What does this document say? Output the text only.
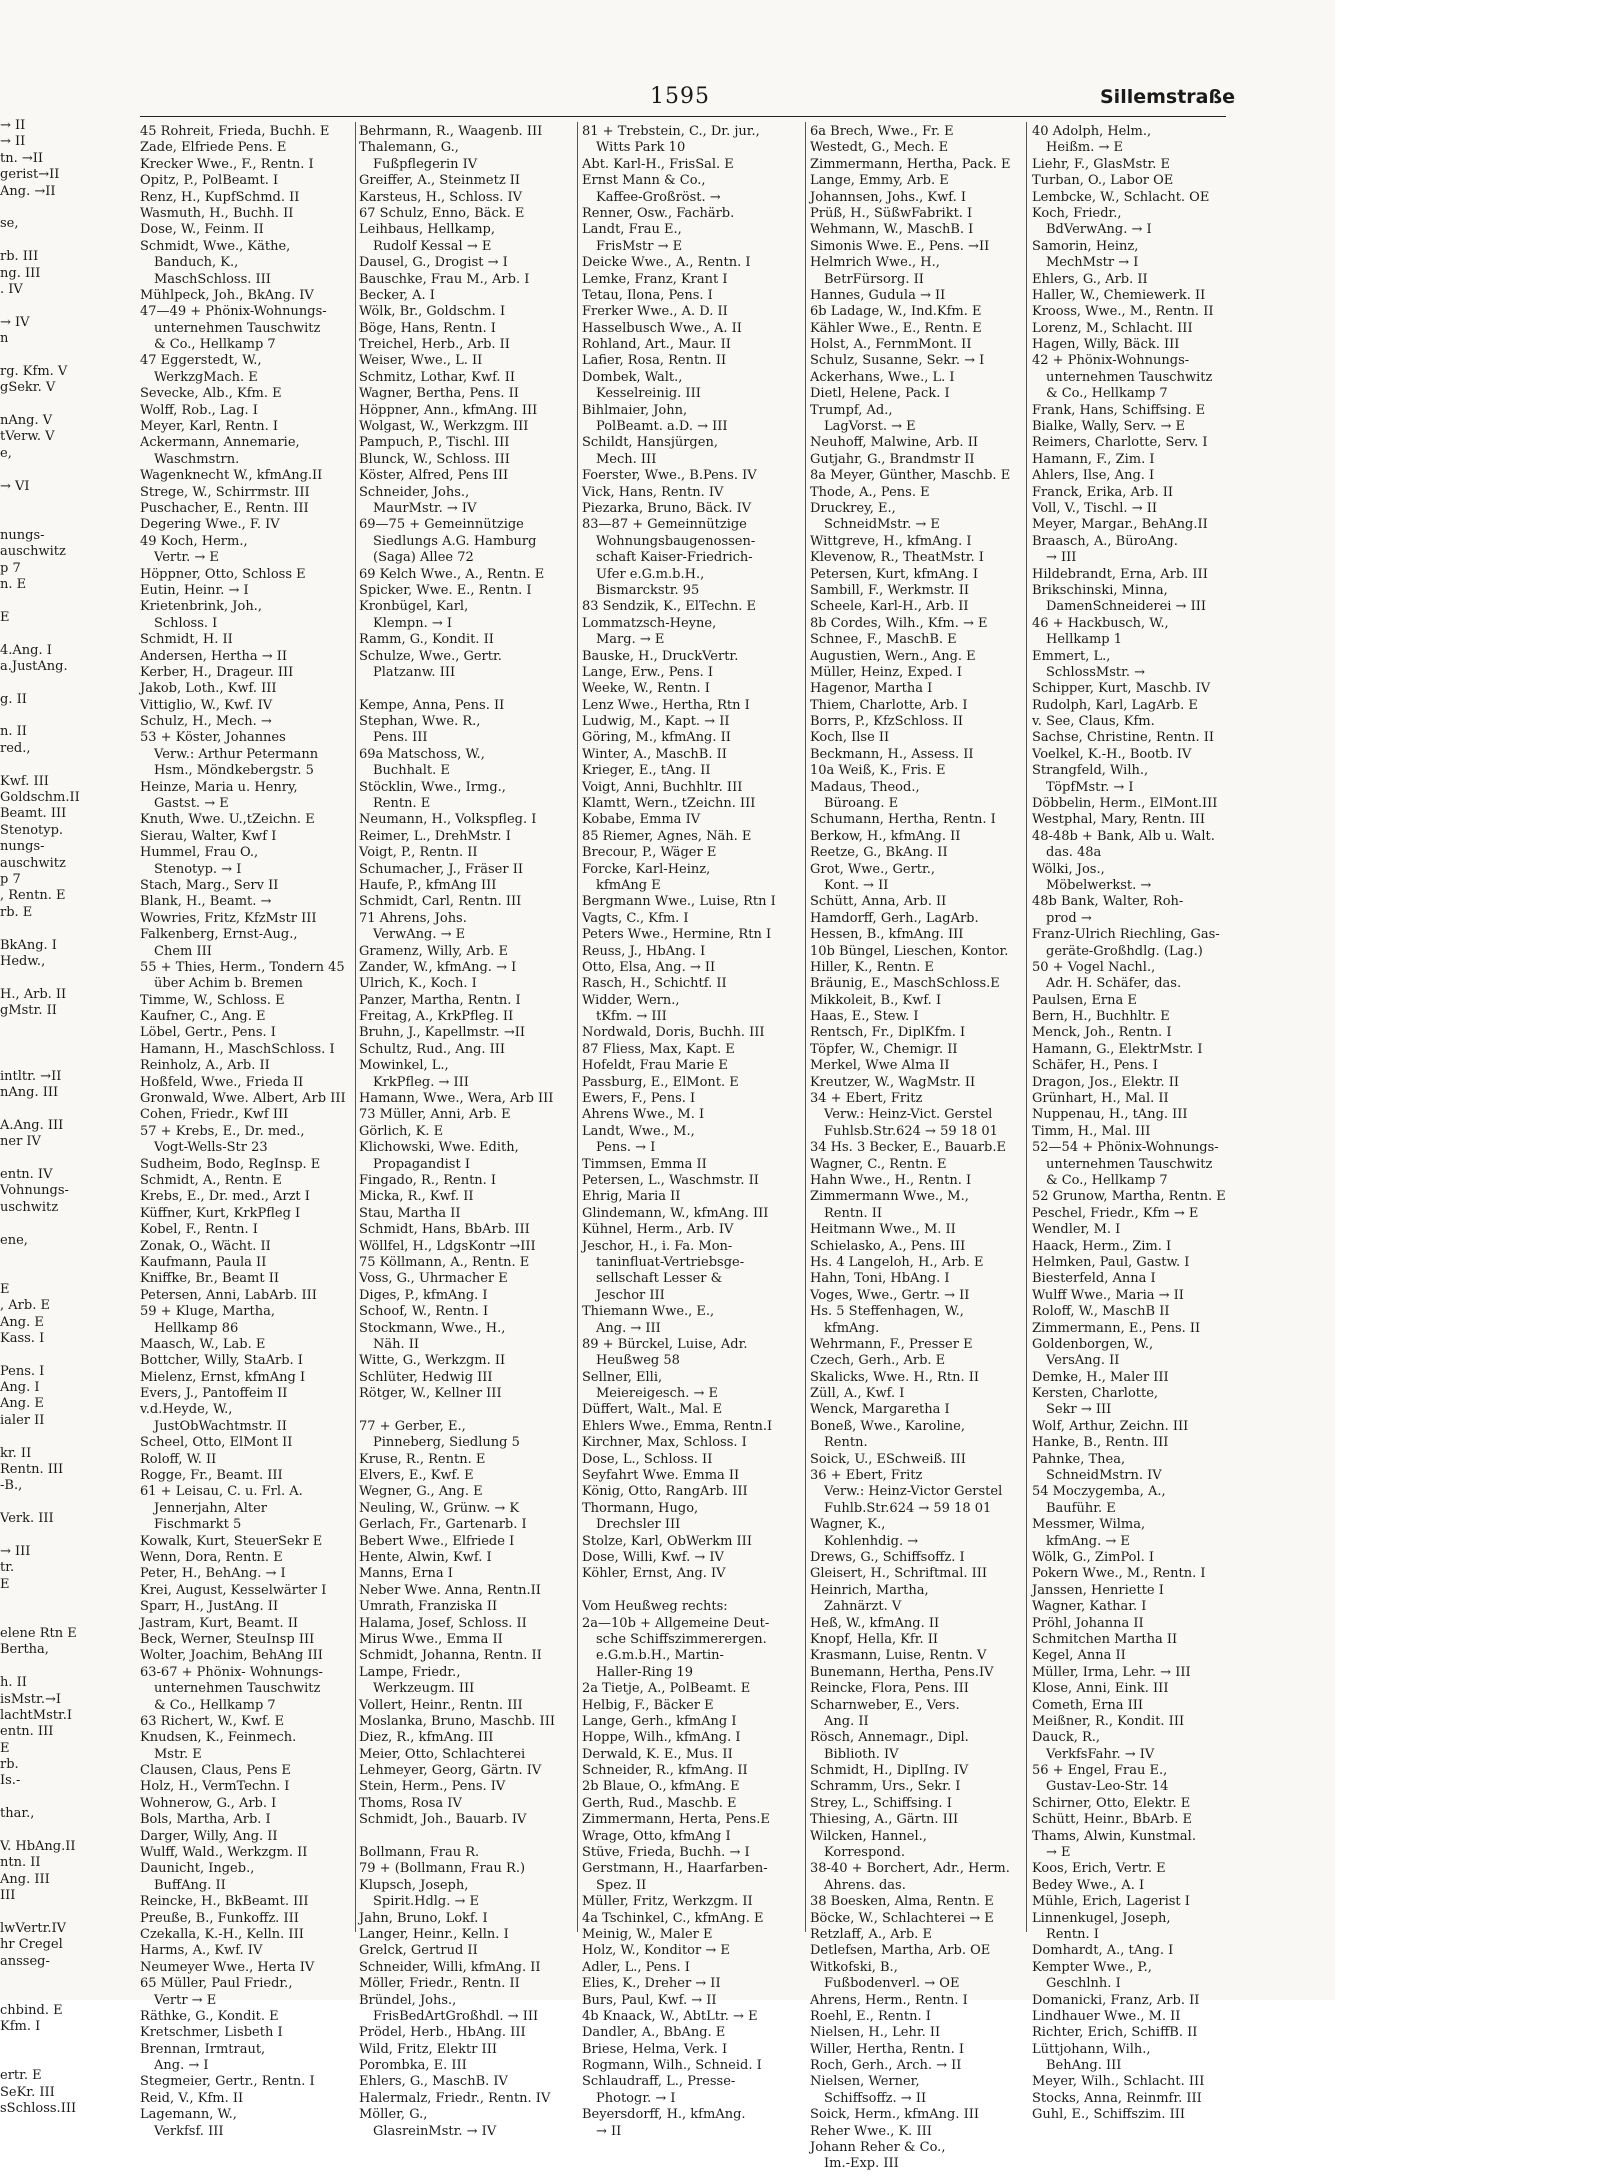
→ II
→ II
tn. →II
gerist→II
Ang. →II
se,
rb. III
ng. III
. IV
→ IV
n
rg. Kfm. V
gSekr. V
nAng. V
tVerw. V
e,
→ VI
nungs-
auschwitz
p 7
n. E
E
4.Ang. I
a.JustAng.
g. II
n. II
red.,
Kwf. III
Goldschm.II
Beamt. III
Stenotyp.
nungs-
auschwitz
p 7
, Rentn. E
rb. E
BkAng. I
Hedw.,
H., Arb. II
gMstr. II
intltr. →II
nAng. III
A.Ang. III
ner IV
entn. IV
Vohnungs-
uschwitz
ene,
E
, Arb. E
Ang. E
Kass. I
Pens. I
Ang. I
Ang. E
ialer II
kr. II
Rentn. III
-B.,
Verk. III
→ III
tr.
E
elene Rtn E
Bertha,
h. II
isMstr.→I
lachtMstr.I
entn. III
E
rb.
Is.-
thar.,
V. HbAng.II
ntn. II
Ang. III
III
lwVertr.IV
hr Cregel
ansseg-
chbind. E
Kfm. I
ertr. E
SeKr. III
sSchloss.III
1595	Sillemstraße
45 Rohreit, Frieda, Buchh. E
Zade, Elfriede Pens. E
Krecker Wwe., F., Rentn. I
Opitz, P., PolBeamt. I
Renz, H., KupfSchmd. II
Wasmuth, H., Buchh. II
Dose, W., Feinm. II
Schmidt, Wwe., Käthe,
Banduch, K.,
MaschSchloss. III
Mühlpeck, Joh., BkAng. IV
47—49 + Phönix-Wohnungs-
unternehmen Tauschwitz
& Co., Hellkamp 7
47 Eggerstedt, W.,
WerkzgMach. E
Sevecke, Alb., Kfm. E
Wolff, Rob., Lag. I
Meyer, Karl, Rentn. I
Ackermann, Annemarie,
Waschmstrn.
Wagenknecht W., kfmAng.II
Strege, W., Schirrmstr. III
Puschacher, E., Rentn. III
Degering Wwe., F. IV
49 Koch, Herm.,
Vertr. → E
Höppner, Otto, Schloss E
Eutin, Heinr. → I
Krietenbrink, Joh.,
Schloss. I
Schmidt, H. II
Andersen, Hertha → II
Kerber, H., Drageur. III
Jakob, Loth., Kwf. III
Vittiglio, W., Kwf. IV
Schulz, H., Mech. →
53 + Köster, Johannes
Verw.: Arthur Petermann
Hsm., Möndkebergstr. 5
Heinze, Maria u. Henry,
Gastst. → E
Knuth, Wwe. U.,tZeichn. E
Sierau, Walter, Kwf I
Hummel, Frau O.,
Stenotyp. → I
Stach, Marg., Serv II
Blank, H., Beamt. →
Wowries, Fritz, KfzMstr III
Falkenberg, Ernst-Aug.,
Chem III
55 + Thies, Herm., Tondern 45
über Achim b. Bremen
Timme, W., Schloss. E
Kaufner, C., Ang. E
Löbel, Gertr., Pens. I
Hamann, H., MaschSchloss. I
Reinholz, A., Arb. II
Hoßfeld, Wwe., Frieda II
Gronwald, Wwe. Albert, Arb III
Cohen, Friedr., Kwf III
57 + Krebs, E., Dr. med.,
Vogt-Wells-Str 23
Sudheim, Bodo, RegInsp. E
Schmidt, A., Rentn. E
Krebs, E., Dr. med., Arzt I
Küffner, Kurt, KrkPfleg I
Kobel, F., Rentn. I
Zonak, O., Wächt. II
Kaufmann, Paula II
Kniffke, Br., Beamt II
Petersen, Anni, LabArb. III
59 + Kluge, Martha,
Hellkamp 86
Maasch, W., Lab. E
Bottcher, Willy, StaArb. I
Mielenz, Ernst, kfmAng I
Evers, J., Pantoffeim II
v.d.Heyde, W.,
JustObWachtmstr. II
Scheel, Otto, ElMont II
Roloff, W. II
Rogge, Fr., Beamt. III
61 + Leisau, C. u. Frl. A.
Jennerjahn, Alter
Fischmarkt 5
Kowalk, Kurt, SteuerSekr E
Wenn, Dora, Rentn. E
Peter, H., BehAng. → I
Krei, August, Kesselwärter I
Sparr, H., JustAng. II
Jastram, Kurt, Beamt. II
Beck, Werner, SteuInsp III
Wolter, Joachim, BehAng III
63-67 + Phönix- Wohnungs-
unternehmen Tauschwitz
& Co., Hellkamp 7
63 Richert, W., Kwf. E
Knudsen, K., Feinmech.
Mstr. E
Clausen, Claus, Pens E
Holz, H., VermTechn. I
Wohnerow, G., Arb. I
Bols, Martha, Arb. I
Darger, Willy, Ang. II
Wulff, Wald., Werkzgm. II
Daunicht, Ingeb.,
BuffAng. II
Reincke, H., BkBeamt. III
Preuße, B., Funkoffz. III
Czekalla, K.-H., Kelln. III
Harms, A., Kwf. IV
Neumeyer Wwe., Herta IV
65 Müller, Paul Friedr.,
Vertr → E
Räthke, G., Kondit. E
Kretschmer, Lisbeth I
Brennan, Irmtraut,
Ang. → I
Stegmeier, Gertr., Rentn. I
Reid, V., Kfm. II
Lagemann, W.,
Verkfsf. III
Behrmann, R., Waagenb. III
Thalemann, G.,
Fußpflegerin IV
Greiffer, A., Steinmetz II
Karsteus, H., Schloss. IV
67 Schulz, Enno, Bäck. E
Leihbaus, Hellkamp,
Rudolf Kessal → E
Dausel, G., Drogist → I
Bauschke, Frau M., Arb. I
Becker, A. I
Wölk, Br., Goldschm. I
Böge, Hans, Rentn. I
Treichel, Herb., Arb. II
Weiser, Wwe., L. II
Schmitz, Lothar, Kwf. II
Wagner, Bertha, Pens. II
Höppner, Ann., kfmAng. III
Wolgast, W., Werkzgm. III
Pampuch, P., Tischl. III
Blunck, W., Schloss. III
Köster, Alfred, Pens III
Schneider, Johs.,
MaurMstr. → IV
69—75 + Gemeinnützige
Siedlungs A.G. Hamburg
(Saga) Allee 72
69 Kelch Wwe., A., Rentn. E
Spicker, Wwe. E., Rentn. I
Kronbügel, Karl,
Klempn. → I
Ramm, G., Kondit. II
Schulze, Wwe., Gertr.
Platzanw. III
Kempe, Anna, Pens. II
Stephan, Wwe. R.,
Pens. III
69a Matschoss, W.,
Buchhalt. E
Stöcklin, Wwe., Irmg.,
Rentn. E
Neumann, H., Volkspfleg. I
Reimer, L., DrehMstr. I
Voigt, P., Rentn. II
Schumacher, J., Fräser II
Haufe, P., kfmAng III
Schmidt, Carl, Rentn. III
71 Ahrens, Johs.
VerwAng. → E
Gramenz, Willy, Arb. E
Zander, W., kfmAng. → I
Ulrich, K., Koch. I
Panzer, Martha, Rentn. I
Freitag, A., KrkPfleg. II
Bruhn, J., Kapellmstr. →II
Schultz, Rud., Ang. III
Mowinkel, L.,
KrkPfleg. → III
Hamann, Wwe., Wera, Arb III
73 Müller, Anni, Arb. E
Görlich, K. E
Klichowski, Wwe. Edith,
Propagandist I
Fingado, R., Rentn. I
Micka, R., Kwf. II
Stau, Martha II
Schmidt, Hans, BbArb. III
Wöllfel, H., LdgsKontr →III
75 Köllmann, A., Rentn. E
Voss, G., Uhrmacher E
Diges, P., kfmAng. I
Schoof, W., Rentn. I
Stockmann, Wwe., H.,
Näh. II
Witte, G., Werkzgm. II
Schlüter, Hedwig III
Rötger, W., Kellner III
77 + Gerber, E.,
Pinneberg, Siedlung 5
Kruse, R., Rentn. E
Elvers, E., Kwf. E
Wegner, G., Ang. E
Neuling, W., Grünw. → K
Gerlach, Fr., Gartenarb. I
Bebert Wwe., Elfriede I
Hente, Alwin, Kwf. I
Manns, Erna I
Neber Wwe. Anna, Rentn.II
Umrath, Franziska II
Halama, Josef, Schloss. II
Mirus Wwe., Emma II
Schmidt, Johanna, Rentn. II
Lampe, Friedr.,
Werkzeugm. III
Vollert, Heinr., Rentn. III
Moslanka, Bruno, Maschb. III
Diez, R., kfmAng. III
Meier, Otto, Schlachterei
Lehmeyer, Georg, Gärtn. IV
Stein, Herm., Pens. IV
Thoms, Rosa IV
Schmidt, Joh., Bauarb. IV
Bollmann, Frau R.
79 + (Bollmann, Frau R.)
Klupsch, Joseph,
Spirit.Hdlg. → E
Jahn, Bruno, Lokf. I
Langer, Heinr., Kelln. I
Grelck, Gertrud II
Schneider, Willi, kfmAng. II
Möller, Friedr., Rentn. II
Bründel, Johs.,
FrisBedArtGroßhdl. → III
Prödel, Herb., HbAng. III
Wild, Fritz, Elektr III
Porombka, E. III
Ehlers, G., MaschB. IV
Halermalz, Friedr., Rentn. IV
Möller, G.,
GlasreinMstr. → IV
81 + Trebstein, C., Dr. jur.,
Witts Park 10
Abt. Karl-H., FrisSal. E
Ernst Mann & Co.,
Kaffee-Großröst. →
Renner, Osw., Fachärb.
Landt, Frau E.,
FrisMstr → E
Deicke Wwe., A., Rentn. I
Lemke, Franz, Krant I
Tetau, Ilona, Pens. I
Frerker Wwe., A. D. II
Hasselbusch Wwe., A. II
Rohland, Art., Maur. II
Lafier, Rosa, Rentn. II
Dombek, Walt.,
Kesselreinig. III
Bihlmaier, John,
PolBeamt. a.D. → III
Schildt, Hansjürgen,
Mech. III
Foerster, Wwe., B.Pens. IV
Vick, Hans, Rentn. IV
Piezarka, Bruno, Bäck. IV
83—87 + Gemeinnützige
Wohnungsbaugenossen-
schaft Kaiser-Friedrich-
Ufer e.G.m.b.H.,
Bismarckstr. 95
83 Sendzik, K., ElTechn. E
Lommatzsch-Heyne,
Marg. → E
Bauske, H., DruckVertr.
Lange, Erw., Pens. I
Weeke, W., Rentn. I
Lenz Wwe., Hertha, Rtn I
Ludwig, M., Kapt. → II
Göring, M., kfmAng. II
Winter, A., MaschB. II
Krieger, E., tAng. II
Voigt, Anni, Buchhltr. III
Klamtt, Wern., tZeichn. III
Kobabe, Emma IV
85 Riemer, Agnes, Näh. E
Brecour, P., Wäger E
Forcke, Karl-Heinz,
kfmAng E
Bergmann Wwe., Luise, Rtn I
Vagts, C., Kfm. I
Peters Wwe., Hermine, Rtn I
Reuss, J., HbAng. I
Otto, Elsa, Ang. → II
Rasch, H., Schichtf. II
Widder, Wern.,
tKfm. → III
Nordwald, Doris, Buchh. III
87 Fliess, Max, Kapt. E
Hofeldt, Frau Marie E
Passburg, E., ElMont. E
Ewers, F., Pens. I
Ahrens Wwe., M. I
Landt, Wwe., M.,
Pens. → I
Timmsen, Emma II
Petersen, L., Waschmstr. II
Ehrig, Maria II
Glindemann, W., kfmAng. III
Kühnel, Herm., Arb. IV
Jeschor, H., i. Fa. Mon-
taninfluat-Vertriebsge-
sellschaft Lesser &
Jeschor III
Thiemann Wwe., E.,
Ang. → III
89 + Bürckel, Luise, Adr.
Heußweg 58
Sellner, Elli,
Meiereigesch. → E
Düffert, Walt., Mal. E
Ehlers Wwe., Emma, Rentn.I
Kirchner, Max, Schloss. I
Dose, L., Schloss. II
Seyfahrt Wwe. Emma II
König, Otto, RangArb. III
Thormann, Hugo,
Drechsler III
Stolze, Karl, ObWerkm III
Dose, Willi, Kwf. → IV
Köhler, Ernst, Ang. IV
Vom Heußweg rechts:
2a—10b + Allgemeine Deut-
sche Schiffszimmerergen.
e.G.m.b.H., Martin-
Haller-Ring 19
2a Tietje, A., PolBeamt. E
Helbig, F., Bäcker E
Lange, Gerh., kfmAng I
Hoppe, Wilh., kfmAng. I
Derwald, K. E., Mus. II
Schneider, R., kfmAng. II
2b Blaue, O., kfmAng. E
Gerth, Rud., Maschb. E
Zimmermann, Herta, Pens.E
Wrage, Otto, kfmAng I
Stüve, Frieda, Buchh. → I
Gerstmann, H., Haarfarben-
Spez. II
Müller, Fritz, Werkzgm. II
4a Tschinkel, C., kfmAng. E
Meinig, W., Maler E
Holz, W., Konditor → E
Adler, L., Pens. I
Elies, K., Dreher → II
Burs, Paul, Kwf. → II
4b Knaack, W., AbtLtr. → E
Dandler, A., BbAng. E
Briese, Helma, Verk. I
Rogmann, Wilh., Schneid. I
Schlaudraff, L., Presse-
Photogr. → I
Beyersdorff, H., kfmAng.
→ II
6a Brech, Wwe., Fr. E
Westedt, G., Mech. E
Zimmermann, Hertha, Pack. E
Lange, Emmy, Arb. E
Johannsen, Johs., Kwf. I
Prüß, H., SüßwFabrikt. I
Wehmann, W., MaschB. I
Simonis Wwe. E., Pens. →II
Helmrich Wwe., H.,
BetrFürsorg. II
Hannes, Gudula → II
6b Ladage, W., Ind.Kfm. E
Kähler Wwe., E., Rentn. E
Holst, A., FernmMont. II
Schulz, Susanne, Sekr. → I
Ackerhans, Wwe., L. I
Dietl, Helene, Pack. I
Trumpf, Ad.,
LagVorst. → E
Neuhoff, Malwine, Arb. II
Gutjahr, G., Brandmstr II
8a Meyer, Günther, Maschb. E
Thode, A., Pens. E
Druckrey, E.,
SchneidMstr. → E
Wittgreve, H., kfmAng. I
Klevenow, R., TheatMstr. I
Petersen, Kurt, kfmAng. I
Sambill, F., Werkmstr. II
Scheele, Karl-H., Arb. II
8b Cordes, Wilh., Kfm. → E
Schnee, F., MaschB. E
Augustien, Wern., Ang. E
Müller, Heinz, Exped. I
Hagenor, Martha I
Thiem, Charlotte, Arb. I
Borrs, P., KfzSchloss. II
Koch, Ilse II
Beckmann, H., Assess. II
10a Weiß, K., Fris. E
Madaus, Theod.,
Büroang. E
Schumann, Hertha, Rentn. I
Berkow, H., kfmAng. II
Reetze, G., BkAng. II
Grot, Wwe., Gertr.,
Kont. → II
Schütt, Anna, Arb. II
Hamdorff, Gerh., LagArb.
Hessen, B., kfmAng. III
10b Büngel, Lieschen, Kontor.
Hiller, K., Rentn. E
Bräunig, E., MaschSchloss.E
Mikkoleit, B., Kwf. I
Haas, E., Stew. I
Rentsch, Fr., DiplKfm. I
Töpfer, W., Chemigr. II
Merkel, Wwe Alma II
Kreutzer, W., WagMstr. II
34 + Ebert, Fritz
Verw.: Heinz-Vict. Gerstel
Fuhlsb.Str.624 → 59 18 01
34 Hs. 3 Becker, E., Bauarb.E
Wagner, C., Rentn. E
Hahn Wwe., H., Rentn. I
Zimmermann Wwe., M.,
Rentn. II
Heitmann Wwe., M. II
Schielasko, A., Pens. III
Hs. 4 Langeloh, H., Arb. E
Hahn, Toni, HbAng. I
Voges, Wwe., Gertr. → II
Hs. 5 Steffenhagen, W.,
kfmAng.
Wehrmann, F., Presser E
Czech, Gerh., Arb. E
Skalicks, Wwe. H., Rtn. II
Züll, A., Kwf. I
Wenck, Margaretha I
Boneß, Wwe., Karoline,
Rentn.
Soick, U., ESchweiß. III
36 + Ebert, Fritz
Verw.: Heinz-Victor Gerstel
Fuhlb.Str.624 → 59 18 01
Wagner, K.,
Kohlenhdig. →
Drews, G., Schiffsoffz. I
Gleisert, H., Schriftmal. III
Heinrich, Martha,
Zahnärzt. V
Heß, W., kfmAng. II
Knopf, Hella, Kfr. II
Krasmann, Luise, Rentn. V
Bunemann, Hertha, Pens.IV
Reincke, Flora, Pens. III
Scharnweber, E., Vers.
Ang. II
Rösch, Annemagr., Dipl.
Biblioth. IV
Schmidt, H., DiplIng. IV
Schramm, Urs., Sekr. I
Strey, L., Schiffsing. I
Thiesing, A., Gärtn. III
Wilcken, Hannel.,
Korrespond.
38-40 + Borchert, Adr., Herm.
Ahrens. das.
38 Boesken, Alma, Rentn. E
Böcke, W., Schlachterei → E
Retzlaff, A., Arb. E
Detlefsen, Martha, Arb. OE
Witkofski, B.,
Fußbodenverl. → OE
Ahrens, Herm., Rentn. I
Roehl, E., Rentn. I
Nielsen, H., Lehr. II
Willer, Hertha, Rentn. I
Roch, Gerh., Arch. → II
Nielsen, Werner,
Schiffsoffz. → II
Soick, Herm., kfmAng. III
Reher Wwe., K. III
Johann Reher & Co.,
Im.-Exp. III
40 Adolph, Helm.,
Heißm. → E
Liehr, F., GlasMstr. E
Turban, O., Labor OE
Lembcke, W., Schlacht. OE
Koch, Friedr.,
BdVerwAng. → I
Samorin, Heinz,
MechMstr → I
Ehlers, G., Arb. II
Haller, W., Chemiewerk. II
Krooss, Wwe., M., Rentn. II
Lorenz, M., Schlacht. III
Hagen, Willy, Bäck. III
42 + Phönix-Wohnungs-
unternehmen Tauschwitz
& Co., Hellkamp 7
Frank, Hans, Schiffsing. E
Bialke, Wally, Serv. → E
Reimers, Charlotte, Serv. I
Hamann, F., Zim. I
Ahlers, Ilse, Ang. I
Franck, Erika, Arb. II
Voll, V., Tischl. → II
Meyer, Margar., BehAng.II
Braasch, A., BüroAng.
→ III
Hildebrandt, Erna, Arb. III
Brikschinski, Minna,
DamenSchneiderei → III
46 + Hackbusch, W.,
Hellkamp 1
Emmert, L.,
SchlossMstr. →
Schipper, Kurt, Maschb. IV
Rudolph, Karl, LagArb. E
v. See, Claus, Kfm.
Sachse, Christine, Rentn. II
Voelkel, K.-H., Bootb. IV
Strangfeld, Wilh.,
TöpfMstr. → I
Döbbelin, Herm., ElMont.III
Westphal, Mary, Rentn. III
48-48b + Bank, Alb u. Walt.
das. 48a
Wölki, Jos.,
Möbelwerkst. →
48b Bank, Walter, Roh-
prod →
Franz-Ulrich Riechling, Gas-
geräte-Großhdlg. (Lag.)
50 + Vogel Nachl.,
Adr. H. Schäfer, das.
Paulsen, Erna E
Bern, H., Buchhltr. E
Menck, Joh., Rentn. I
Hamann, G., ElektrMstr. I
Schäfer, H., Pens. I
Dragon, Jos., Elektr. II
Grünhart, H., Mal. II
Nuppenau, H., tAng. III
Timm, H., Mal. III
52—54 + Phönix-Wohnungs-
unternehmen Tauschwitz
& Co., Hellkamp 7
52 Grunow, Martha, Rentn. E
Peschel, Friedr., Kfm → E
Wendler, M. I
Haack, Herm., Zim. I
Helmken, Paul, Gastw. I
Biesterfeld, Anna I
Wulff Wwe., Maria → II
Roloff, W., MaschB II
Zimmermann, E., Pens. II
Goldenborgen, W.,
VersAng. II
Demke, H., Maler III
Kersten, Charlotte,
Sekr → III
Wolf, Arthur, Zeichn. III
Hanke, B., Rentn. III
Pahnke, Thea,
SchneidMstrn. IV
54 Moczygemba, A.,
Bauführ. E
Messmer, Wilma,
kfmAng. → E
Wölk, G., ZimPol. I
Pokern Wwe., M., Rentn. I
Janssen, Henriette I
Wagner, Kathar. I
Pröhl, Johanna II
Schmitchen Martha II
Kegel, Anna II
Müller, Irma, Lehr. → III
Klose, Anni, Eink. III
Cometh, Erna III
Meißner, R., Kondit. III
Dauck, R.,
VerkfsFahr. → IV
56 + Engel, Frau E.,
Gustav-Leo-Str. 14
Schirner, Otto, Elektr. E
Schütt, Heinr., BbArb. E
Thams, Alwin, Kunstmal.
→ E
Koos, Erich, Vertr. E
Bedey Wwe., A. I
Mühle, Erich, Lagerist I
Linnenkugel, Joseph,
Rentn. I
Domhardt, A., tAng. I
Kempter Wwe., P.,
Geschlnh. I
Domanicki, Franz, Arb. II
Lindhauer Wwe., M. II
Richter, Erich, SchiffB. II
Lüttjohann, Wilh.,
BehAng. III
Meyer, Wilh., Schlacht. III
Stocks, Anna, Reinmfr. III
Guhl, E., Schiffszim. III
